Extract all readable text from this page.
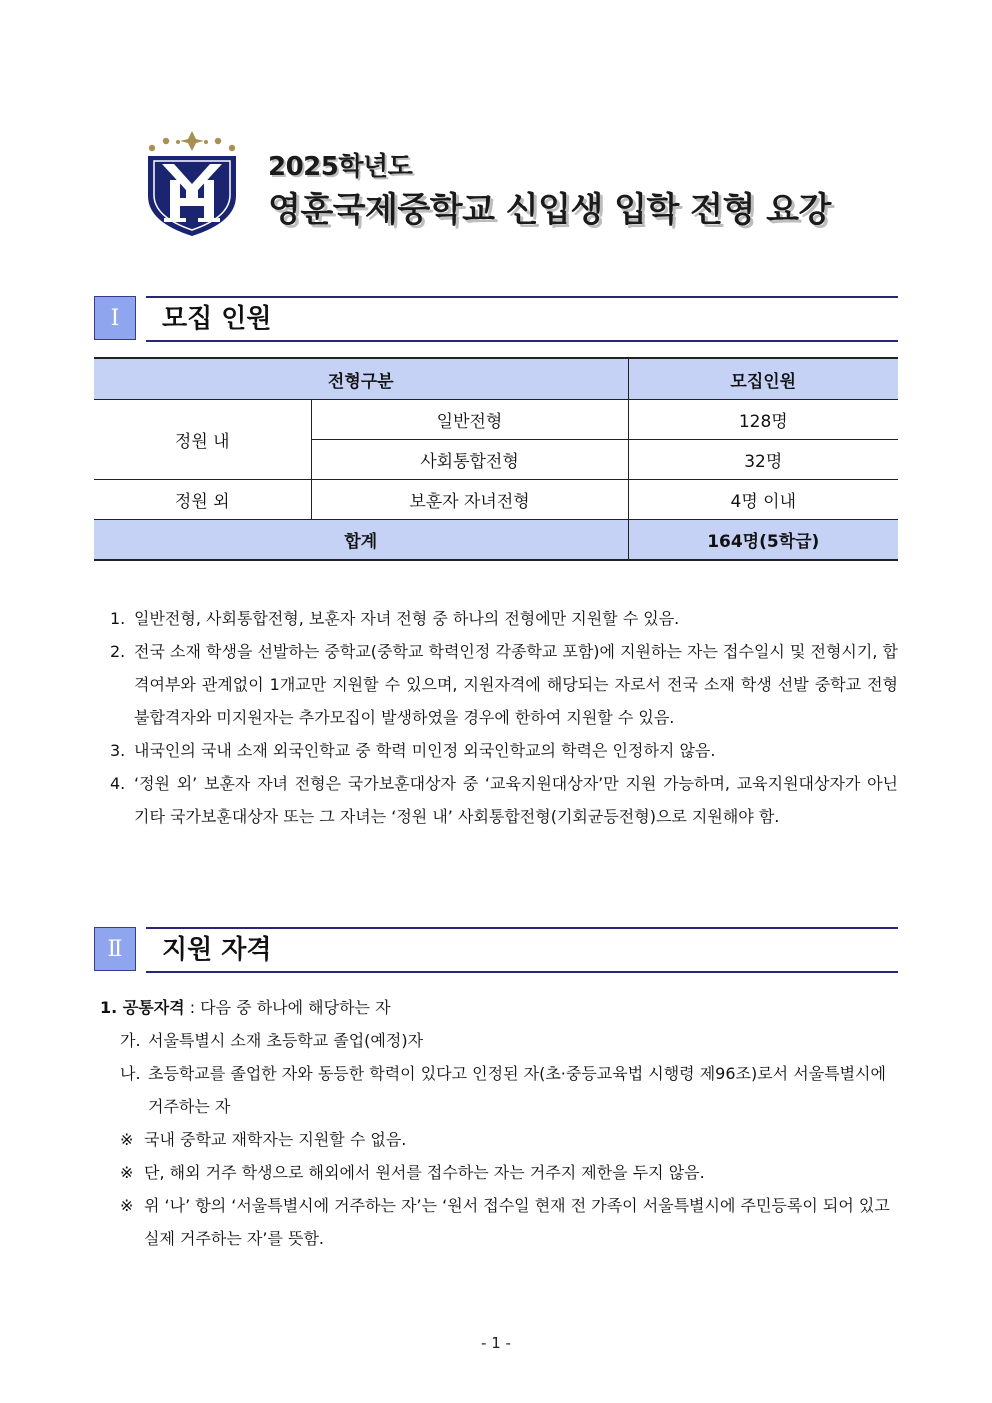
2025학년도
영훈국제중학교 신입생 입학 전형 요강
Ⅰ	모집 인원
전형구분		모집인원
정원 내	일반전형	128명
	사회통합전형	32명
정원 외	보훈자 자녀전형	4명 이내
합계		164명(5학급)
1. 일반전형, 사회통합전형, 보훈자 자녀 전형 중 하나의 전형에만 지원할 수 있음.
2. 전국 소재 학생을 선발하는 중학교(중학교 학력인정 각종학교 포함)에 지원하는 자는 접수일시 및 전형시기, 합격여부와 관계없이 1개교만 지원할 수 있으며, 지원자격에 해당되는 자로서 전국 소재 학생 선발 중학교 전형 불합격자와 미지원자는 추가모집이 발생하였을 경우에 한하여 지원할 수 있음.
3. 내국인의 국내 소재 외국인학교 중 학력 미인정 외국인학교의 학력은 인정하지 않음.
4. ‘정원 외’ 보훈자 자녀 전형은 국가보훈대상자 중 ‘교육지원대상자’만 지원 가능하며, 교육지원대상자가 아닌 기타 국가보훈대상자 또는 그 자녀는 ‘정원 내’ 사회통합전형(기회균등전형)으로 지원해야 함.
Ⅱ	지원 자격
1. 공통자격 : 다음 중 하나에 해당하는 자
가. 서울특별시 소재 초등학교 졸업(예정)자
나. 초등학교를 졸업한 자와 동등한 학력이 있다고 인정된 자(초·중등교육법 시행령 제96조)로서 서울특별시에 거주하는 자
※ 국내 중학교 재학자는 지원할 수 없음.
※ 단, 해외 거주 학생으로 해외에서 원서를 접수하는 자는 거주지 제한을 두지 않음.
※ 위 ‘나’ 항의 ‘서울특별시에 거주하는 자’는 ‘원서 접수일 현재 전 가족이 서울특별시에 주민등록이 되어 있고 실제 거주하는 자’를 뜻함.
- 1 -
